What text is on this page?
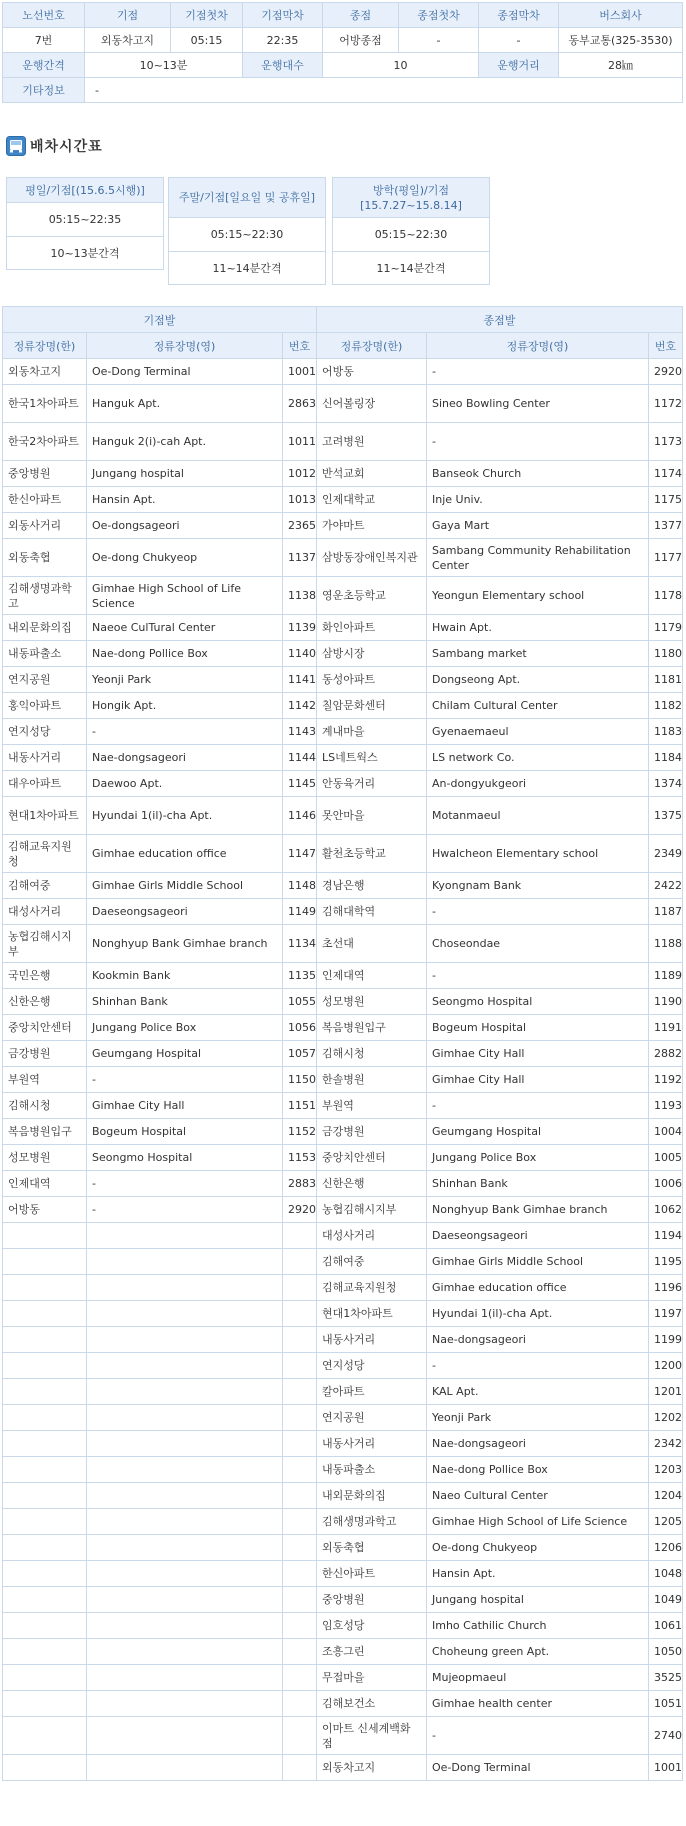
노선번호	기점	기점첫차	기점막차	종점	종점첫차	종점막차	버스회사
7번	외동차고지	05:15	22:35	어방종점	-	-	동부교통(325-3530)
운행간격	10~13분		운행대수	10		운행거리	28㎞
기타정보	-						
배차시간표
평일/기점[(15.6.5시행)]
05:15~22:35
10~13분간격
주말/기점[일요일 및 공휴일]
05:15~22:30
11~14분간격
방학(평일)/기점 [15.7.27~15.8.14]
05:15~22:30
11~14분간격
기점발			종점발		
정류장명(한)	정류장명(영)	번호	정류장명(한)	정류장명(영)	번호
외동차고지	Oe-Dong Terminal	1001	어방동	-	2920
한국1차아파트	Hanguk Apt.	2863	신어볼링장	Sineo Bowling Center	1172
한국2차아파트	Hanguk 2(i)-cah Apt.	1011	고려병원	-	1173
중앙병원	Jungang hospital	1012	반석교회	Banseok Church	1174
한신아파트	Hansin Apt.	1013	인제대학교	Inje Univ.	1175
외동사거리	Oe-dongsageori	2365	가야마트	Gaya Mart	1377
외동축협	Oe-dong Chukyeop	1137	삼방동장애인복지관	Sambang Community Rehabilitation Center	1177
김해생명과학고	Gimhae High School of Life Science	1138	영운초등학교	Yeongun Elementary school	1178
내외문화의집	Naeoe CulTural Center	1139	화인아파트	Hwain Apt.	1179
내동파출소	Nae-dong Pollice Box	1140	삼방시장	Sambang market	1180
연지공원	Yeonji Park	1141	동성아파트	Dongseong Apt.	1181
홍익아파트	Hongik Apt.	1142	칠암문화센터	Chilam Cultural Center	1182
연지성당	-	1143	계내마을	Gyenaemaeul	1183
내동사거리	Nae-dongsageori	1144	LS네트웍스	LS network Co.	1184
대우아파트	Daewoo Apt.	1145	안동육거리	An-dongyukgeori	1374
현대1차아파트	Hyundai 1(il)-cha Apt.	1146	못안마을	Motanmaeul	1375
김해교육지원청	Gimhae education office	1147	활천초등학교	Hwalcheon Elementary school	2349
김해여중	Gimhae Girls Middle School	1148	경남은행	Kyongnam Bank	2422
대성사거리	Daeseongsageori	1149	김해대학역	-	1187
농협김해시지부	Nonghyup Bank Gimhae branch	1134	초선대	Choseondae	1188
국민은행	Kookmin Bank	1135	인제대역	-	1189
신한은행	Shinhan Bank	1055	성모병원	Seongmo Hospital	1190
중앙치안센터	Jungang Police Box	1056	복음병원입구	Bogeum Hospital	1191
금강병원	Geumgang Hospital	1057	김해시청	Gimhae City Hall	2882
부원역	-	1150	한솔병원	Gimhae City Hall	1192
김해시청	Gimhae City Hall	1151	부원역	-	1193
복음병원입구	Bogeum Hospital	1152	금강병원	Geumgang Hospital	1004
성모병원	Seongmo Hospital	1153	중앙치안센터	Jungang Police Box	1005
인제대역	-	2883	신한은행	Shinhan Bank	1006
어방동	-	2920	농협김해시지부	Nonghyup Bank Gimhae branch	1062
			대성사거리	Daeseongsageori	1194
			김해여중	Gimhae Girls Middle School	1195
			김해교육지원청	Gimhae education office	1196
			현대1차아파트	Hyundai 1(il)-cha Apt.	1197
			내동사거리	Nae-dongsageori	1199
			연지성당	-	1200
			칼아파트	KAL Apt.	1201
			연지공원	Yeonji Park	1202
			내동사거리	Nae-dongsageori	2342
			내동파출소	Nae-dong Pollice Box	1203
			내외문화의집	Naeo Cultural Center	1204
			김해생명과학고	Gimhae High School of Life Science	1205
			외동축협	Oe-dong Chukyeop	1206
			한신아파트	Hansin Apt.	1048
			중앙병원	Jungang hospital	1049
			임호성당	Imho Cathilic Church	1061
			조흥그린	Choheung green Apt.	1050
			무접마을	Mujeopmaeul	3525
			김해보건소	Gimhae health center	1051
			이마트 신세계백화점	-	2740
			외동차고지	Oe-Dong Terminal	1001
